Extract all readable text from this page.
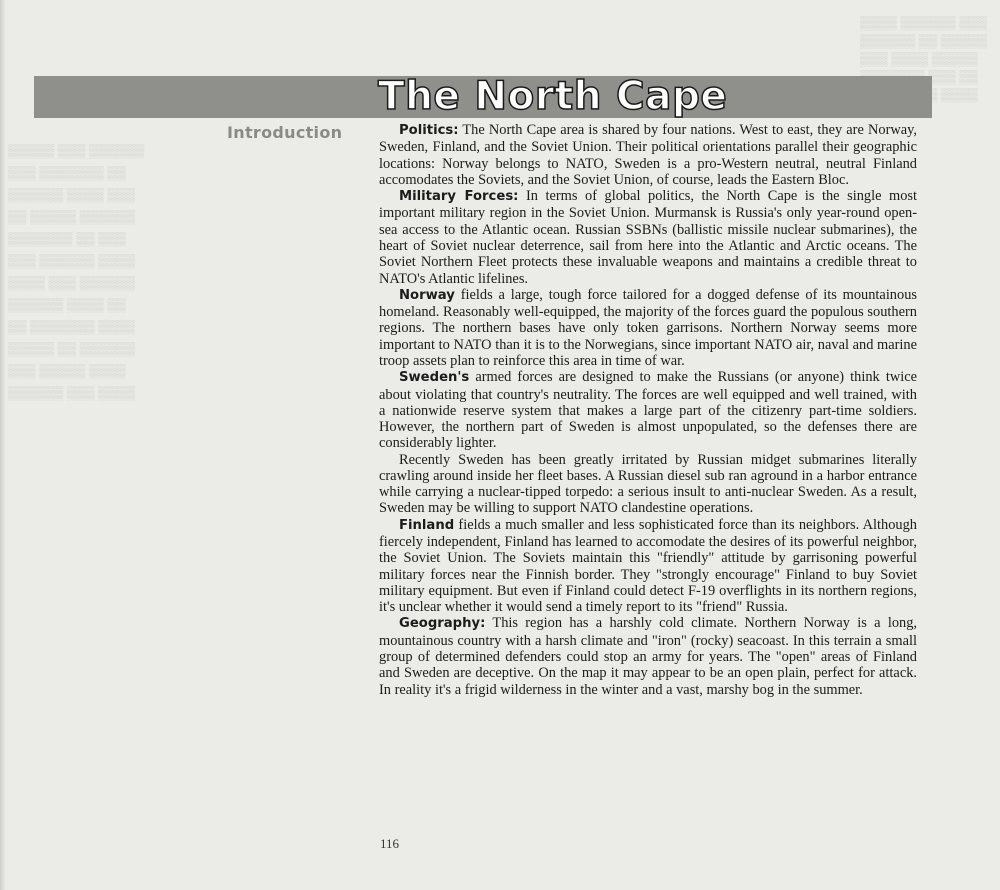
▒▒▒▒ ▒▒▒▒▒▒ ▒▒▒
▒▒▒▒▒▒ ▒▒ ▒▒▒▒▒
▒▒▒ ▒▒▒▒ ▒▒▒▒▒
▒▒▒ ▒▒
▒▒▒▒
▒▒▒▒▒ ▒▒▒ ▒▒▒▒▒▒
▒▒▒ ▒▒▒▒▒▒▒ ▒▒
▒▒▒▒▒▒ ▒▒▒▒ ▒▒▒
▒▒ ▒▒▒▒▒ ▒▒▒▒▒▒
▒▒▒▒▒▒▒ ▒▒ ▒▒▒
▒▒▒ ▒▒▒▒▒▒ ▒▒▒▒
▒▒▒▒ ▒▒▒ ▒▒▒▒▒▒
▒▒▒▒▒▒ ▒▒▒▒ ▒▒
▒▒ ▒▒▒▒▒▒▒ ▒▒▒▒
▒▒▒▒▒ ▒▒ ▒▒▒▒▒▒
▒▒▒ ▒▒▒▒▒ ▒▒▒▒
▒▒▒▒▒▒ ▒▒▒ ▒▒▒▒
The North Cape
Introduction	Politics: The North Cape area is shared by four nations. West to east, they are Norway, Sweden, Finland, and the Soviet Union. Their political orientations parallel their geographic locations: Norway belongs to NATO, Sweden is a pro-Western neutral, neutral Finland accomodates the Soviets, and the Soviet Union, of course, leads the Eastern Bloc.

Military Forces: In terms of global politics, the North Cape is the single most important military region in the Soviet Union. Murmansk is Russia's only year-round open-sea access to the Atlantic ocean. Russian SSBNs (ballistic missile nuclear submarines), the heart of Soviet nuclear deterrence, sail from here into the Atlantic and Arctic oceans. The Soviet Northern Fleet protects these invaluable weapons and maintains a credible threat to NATO's Atlantic lifelines.

Norway fields a large, tough force tailored for a dogged defense of its mountainous homeland. Reasonably well-equipped, the majority of the forces guard the populous southern regions. The northern bases have only token garrisons. Northern Norway seems more important to NATO than it is to the Norwegians, since important NATO air, naval and marine troop assets plan to reinforce this area in time of war.

Sweden's armed forces are designed to make the Russians (or anyone) think twice about violating that country's neutrality. The forces are well equipped and well trained, with a nationwide reserve system that makes a large part of the citizenry part-time soldiers. However, the northern part of Sweden is almost unpopulated, so the defenses there are considerably lighter.

Recently Sweden has been greatly irritated by Russian midget submarines literally crawling around inside her fleet bases. A Russian diesel sub ran aground in a harbor entrance while carrying a nuclear-tipped torpedo: a serious insult to anti-nuclear Sweden. As a result, Sweden may be willing to support NATO clandestine operations.

Finland fields a much smaller and less sophisticated force than its neighbors. Although fiercely independent, Finland has learned to accomodate the desires of its powerful neighbor, the Soviet Union. The Soviets maintain this "friendly" attitude by garrisoning powerful military forces near the Finnish border. They "strongly encourage" Finland to buy Soviet military equipment. But even if Finland could detect F-19 overflights in its northern regions, it's unclear whether it would send a timely report to its "friend" Russia.

Geography: This region has a harshly cold climate. Northern Norway is a long, mountainous country with a harsh climate and "iron" (rocky) seacoast. In this terrain a small group of determined defenders could stop an army for years. The "open" areas of Finland and Sweden are deceptive. On the map it may appear to be an open plain, perfect for attack. In reality it's a frigid wilderness in the winter and a vast, marshy bog in the summer.

116
